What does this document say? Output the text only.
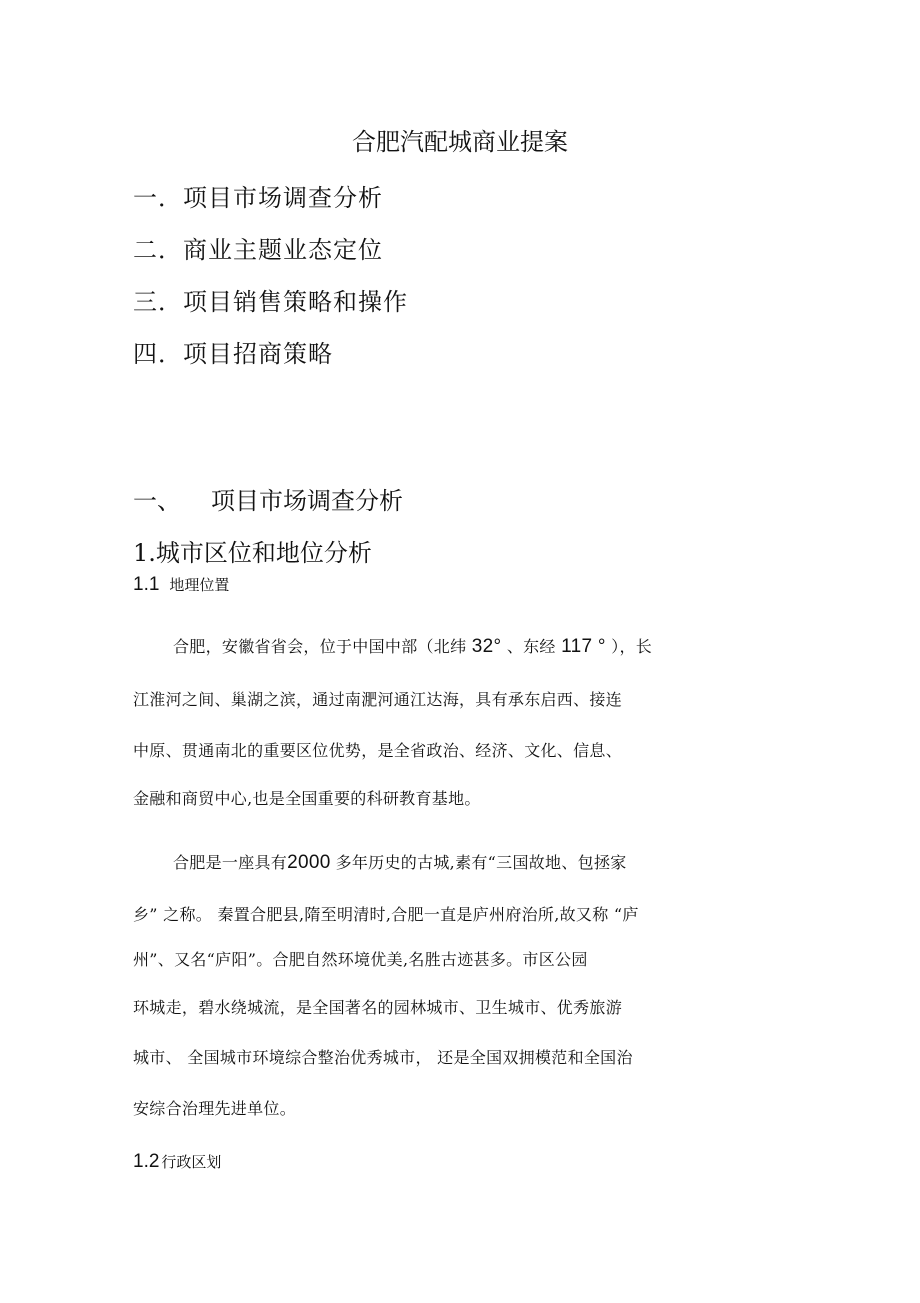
合肥汽配城商业提案
一．项目市场调查分析
二．商业主题业态定位
三．项目销售策略和操作
四．项目招商策略
一、 项目市场调查分析
1.城市区位和地位分析
1.1 地理位置
合肥，安徽省省会，位于中国中部（北纬 32° 、东经 117 ° ），长
江淮河之间、巢湖之滨，通过南淝河通江达海，具有承东启西、接连
中原、贯通南北的重要区位优势，是全省政治、经济、文化、信息、
金融和商贸中心,也是全国重要的科研教育基地。
合肥是一座具有2000 多年历史的古城,素有“三国故地、包拯家
乡” 之称。 秦置合肥县,隋至明清时,合肥一直是庐州府治所,故又称 “庐
州”、又名“庐阳”。合肥自然环境优美,名胜古迹甚多。市区公园
环城走，碧水绕城流，是全国著名的园林城市、卫生城市、优秀旅游
城市、 全国城市环境综合整治优秀城市， 还是全国双拥模范和全国治
安综合治理先进单位。
1.2 行政区划
